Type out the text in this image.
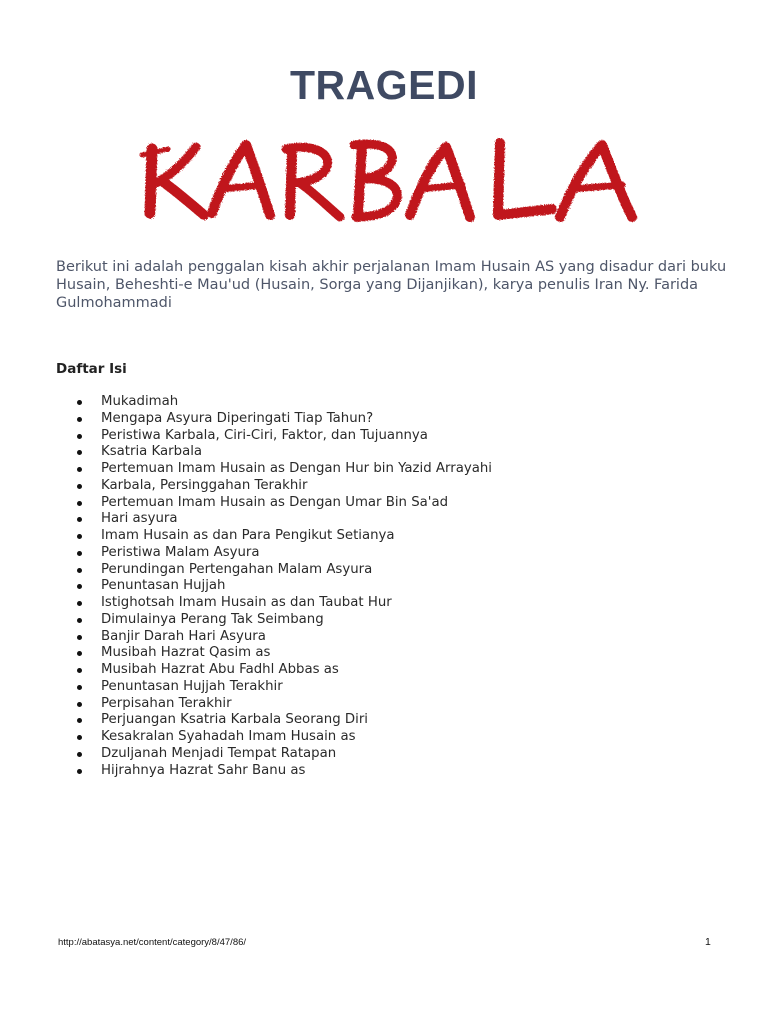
TRAGEDI

Berikut ini adalah penggalan kisah akhir perjalanan Imam Husain AS yang disadur dari buku Husain, Beheshti-e Mau'ud (Husain, Sorga yang Dijanjikan), karya penulis Iran Ny. Farida Gulmohammadi

Daftar Isi
Mukadimah
Mengapa Asyura Diperingati Tiap Tahun?
Peristiwa Karbala, Ciri-Ciri, Faktor, dan Tujuannya
Ksatria Karbala
Pertemuan Imam Husain as Dengan Hur bin Yazid Arrayahi
Karbala, Persinggahan Terakhir
Pertemuan Imam Husain as Dengan Umar Bin Sa'ad
Hari asyura
Imam Husain as dan Para Pengikut Setianya
Peristiwa Malam Asyura
Perundingan Pertengahan Malam Asyura
Penuntasan Hujjah
Istighotsah Imam Husain as dan Taubat Hur
Dimulainya Perang Tak Seimbang
Banjir Darah Hari Asyura
Musibah Hazrat Qasim as
Musibah Hazrat Abu Fadhl Abbas as
Penuntasan Hujjah Terakhir
Perpisahan Terakhir
Perjuangan Ksatria Karbala Seorang Diri
Kesakralan Syahadah Imam Husain as
Dzuljanah Menjadi Tempat Ratapan
Hijrahnya Hazrat Sahr Banu as
http://abatasya.net/content/category/8/47/86/	1
